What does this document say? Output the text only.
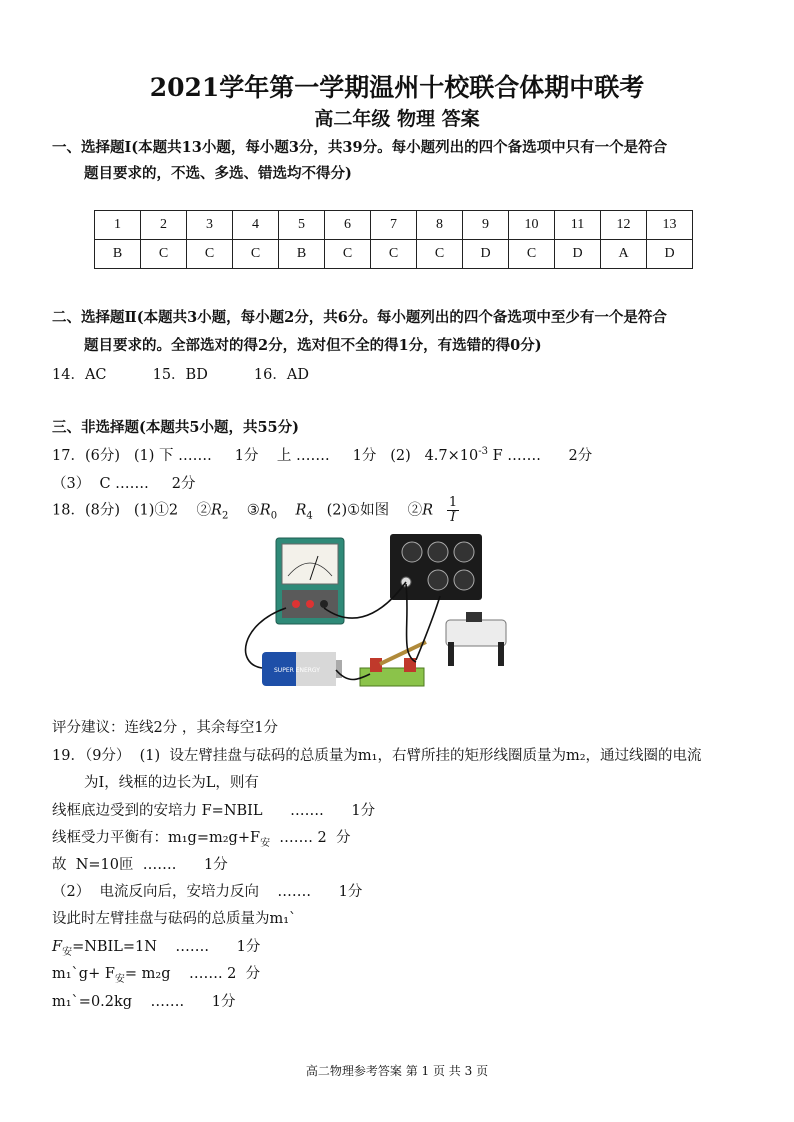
2021学年第一学期温州十校联合体期中联考
高二年级 物理 答案
一、选择题Ⅰ(本题共13小题，每小题3分，共39分。每小题列出的四个备选项中只有一个是符合
题目要求的，不选、多选、错选均不得分)
1	2	3	4	5	6	7	8	9	10	11	12	13
B	C	C	C	B	C	C	C	D	C	D	A	D
二、选择题Ⅱ(本题共3小题，每小题2分，共6分。每小题列出的四个备选项中至少有一个是符合
题目要求的。全部选对的得2分，选对但不全的得1分，有选错的得0分)
14．AC          15．BD          16．AD
三、非选择题(本题共5小题，共55分)
17．(6分)   (1) 下 …….     1分    上 …….     1分   (2)   $4.7\times 10^{-3}$ F …….      2分
（3）  C …….     2分
18．(8分)   (1)①2    $②R_2$    $③R_0$ $R_4$   (2)①如图    ②R $\frac{1}{I}$
SUPER ENERGY
评分建议：连线2分 ，其余每空1分
19．（9分）  (1)  设左臂挂盘与砝码的总质量为m₁，右臂所挂的矩形线圈质量为m₂，通过线圈的电流
为I，线框的边长为L，则有
线框底边受到的安培力 F=NBIL      …….      1分
线框受力平衡有：$m_1g=m_2g+F_安$  ……. 2  分
故  N=10匝  …….      1分
（2）  电流反向后，安培力反向    …….      1分
设此时左臂挂盘与砝码的总质量为m₁`
$F_安=NBIL=1N$    …….      1分
m₁`g+ $F_安= m_2g$    ……. 2  分
m₁`=0.2kg    …….      1分
高二物理参考答案 第 1 页 共 3 页
